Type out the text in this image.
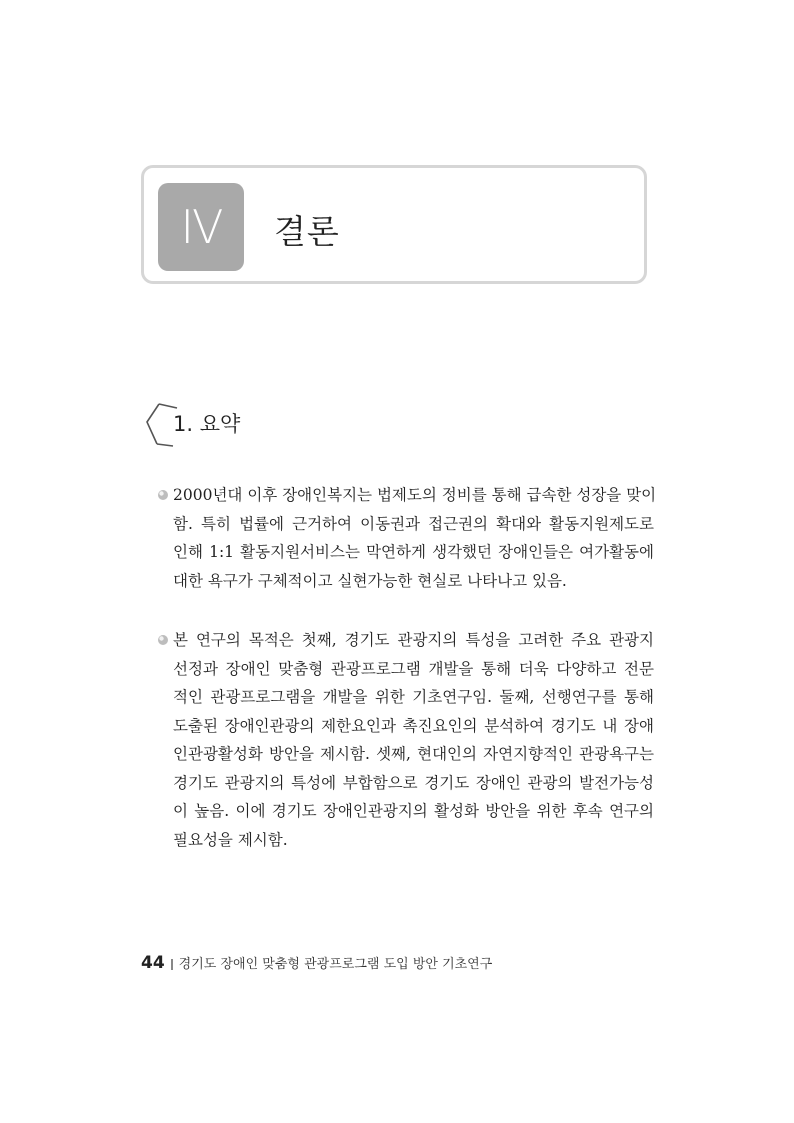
IV	결론
1. 요약
2000년대 이후 장애인복지는 법제도의 정비를 통해 급속한 성장을 맞이
함. 특히 법률에 근거하여 이동권과 접근권의 확대와 활동지원제도로
인해 1:1 활동지원서비스는 막연하게 생각했던 장애인들은 여가활동에
대한 욕구가 구체적이고 실현가능한 현실로 나타나고 있음.
본 연구의 목적은 첫째, 경기도 관광지의 특성을 고려한 주요 관광지
선정과 장애인 맞춤형 관광프로그램 개발을 통해 더욱 다양하고 전문
적인 관광프로그램을 개발을 위한 기초연구임. 둘째, 선행연구를 통해
도출된 장애인관광의 제한요인과 촉진요인의 분석하여 경기도 내 장애
인관광활성화 방안을 제시함. 셋째, 현대인의 자연지향적인 관광욕구는
경기도 관광지의 특성에 부합함으로 경기도 장애인 관광의 발전가능성
이 높음. 이에 경기도 장애인관광지의 활성화 방안을 위한 후속 연구의
필요성을 제시함.
44 경기도 장애인 맞춤형 관광프로그램 도입 방안 기초연구
